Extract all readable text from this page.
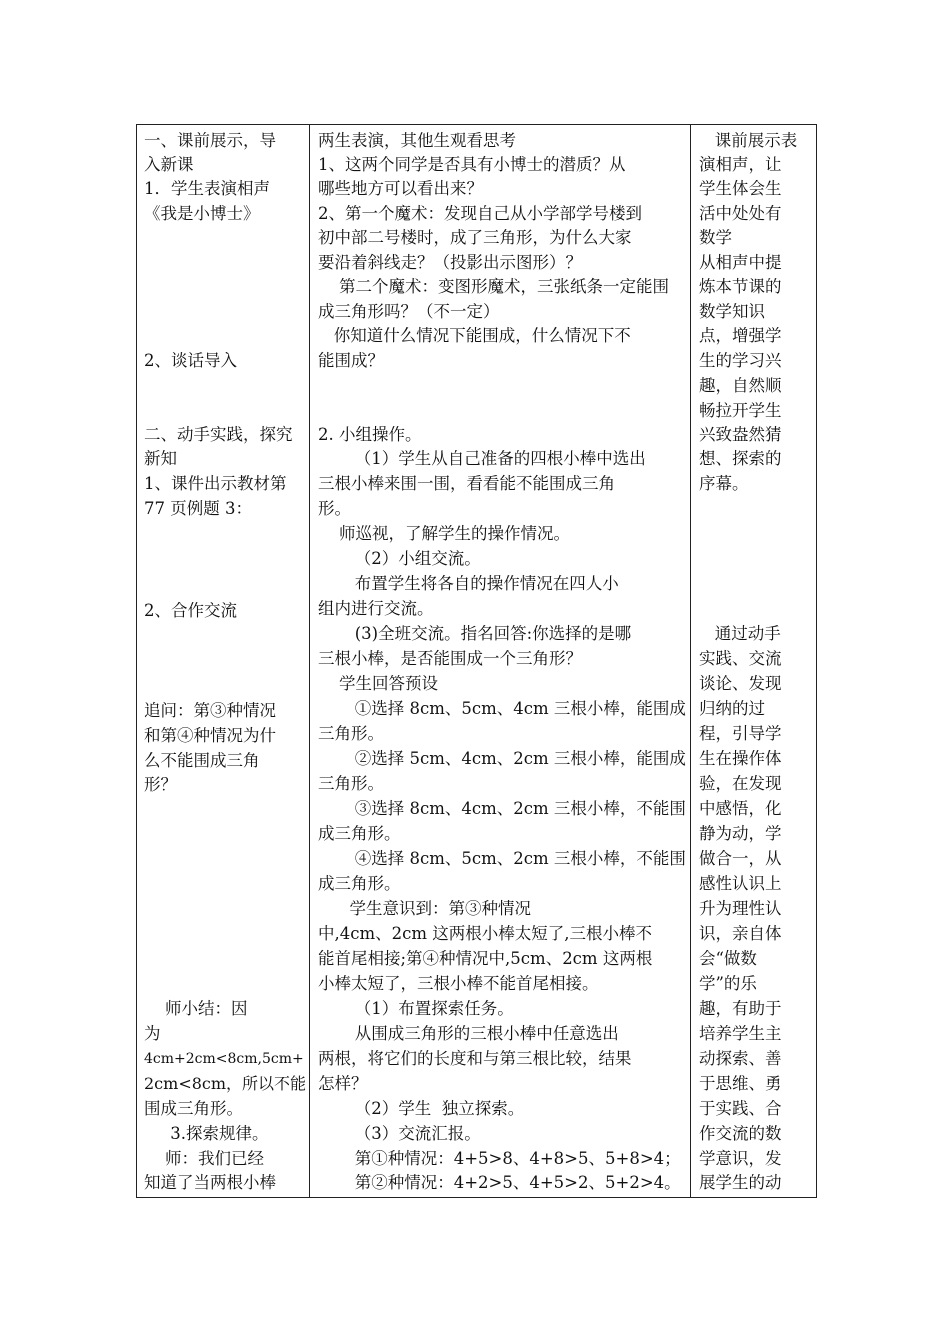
一、课前展示，导
入新课
1．学生表演相声
《我是小博士》
2、谈话导入
二、动手实践，探究
新知
1、课件出示教材第
77 页例题 3：
2、合作交流
追问：第③种情况
和第④种情况为什
么不能围成三角
形？
师小结：因
为
4cm+2cm<8cm,5cm+
2cm<8cm，所以不能
围成三角形。
3.探索规律。
师：我们已经
知道了当两根小棒

两生表演，其他生观看思考
1、这两个同学是否具有小博士的潜质？从
哪些地方可以看出来？
2、第一个魔术：发现自己从小学部学号楼到
初中部二号楼时，成了三角形，为什么大家
要沿着斜线走？（投影出示图形）？
第二个魔术：变图形魔术，三张纸条一定能围
成三角形吗？（不一定）
你知道什么情况下能围成，什么情况下不
能围成？
2. 小组操作。
（1）学生从自己准备的四根小棒中选出
三根小棒来围一围，看看能不能围成三角
形。
师巡视，了解学生的操作情况。
（2）小组交流。
布置学生将各自的操作情况在四人小
组内进行交流。
(3)全班交流。指名回答:你选择的是哪
三根小棒，是否能围成一个三角形？
学生回答预设
①选择 8cm、5cm、4cm 三根小棒，能围成
三角形。
②选择 5cm、4cm、2cm 三根小棒，能围成
三角形。
③选择 8cm、4cm、2cm 三根小棒，不能围
成三角形。
④选择 8cm、5cm、2cm 三根小棒，不能围
成三角形。
学生意识到：第③种情况
中,4cm、2cm 这两根小棒太短了,三根小棒不
能首尾相接;第④种情况中,5cm、2cm 这两根
小棒太短了，三根小棒不能首尾相接。
（1）布置探索任务。
从围成三角形的三根小棒中任意选出
两根，将它们的长度和与第三根比较，结果
怎样？
（2）学生  独立探索。
（3）交流汇报。
第①种情况：4+5>8、4+8>5、5+8>4；
第②种情况：4+2>5、4+5>2、5+2>4。

课前展示表
演相声，让
学生体会生
活中处处有
数学
从相声中提
炼本节课的
数学知识
点，增强学
生的学习兴
趣，自然顺
畅拉开学生
兴致盎然猜
想、探索的
序幕。
通过动手
实践、交流
谈论、发现
归纳的过
程，引导学
生在操作体
验，在发现
中感悟，化
静为动，学
做合一，从
感性认识上
升为理性认
识，亲自体
会“做数
学”的乐
趣，有助于
培养学生主
动探索、善
于思维、勇
于实践、合
作交流的数
学意识，发
展学生的动
